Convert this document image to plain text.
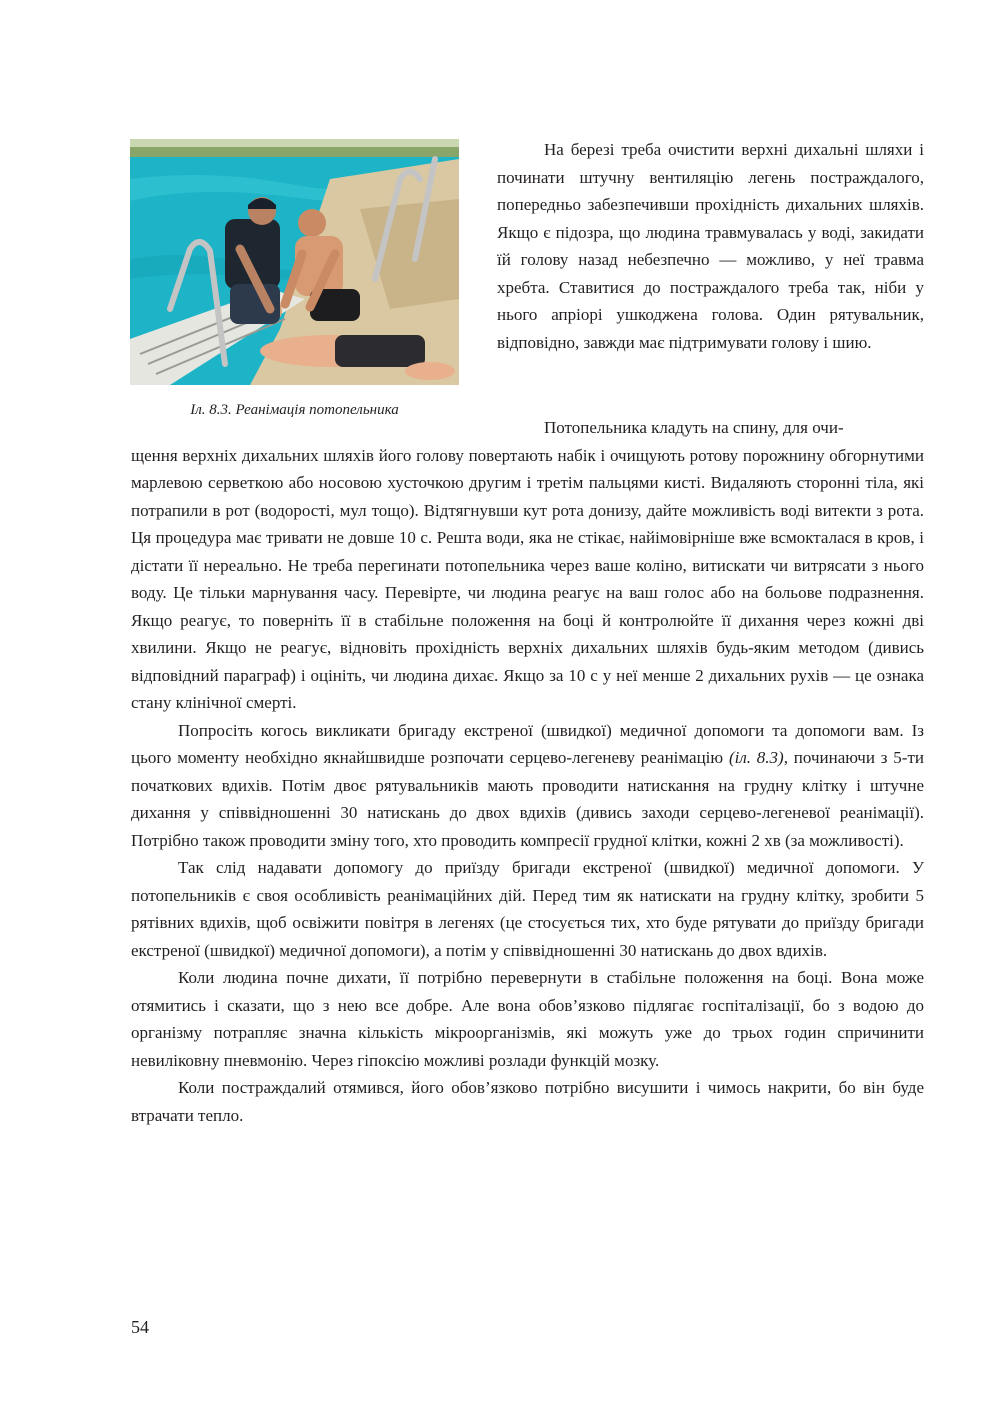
Іл. 8.3. Реанімація потопельника

На березі треба очистити верхні дихальні шляхи і починати штучну вентиляцію легень постраждалого, попередньо забезпечивши прохідність дихальних шляхів. Якщо є підозра, що людина травмувалась у воді, закидати їй голову назад небезпечно — можливо, у неї травма хребта. Ставитися до постраждалого треба так, ніби у нього апріорі ушкоджена голова. Один рятувальник, відповідно, завжди має підтримувати голову і шию.

Потопельника кладуть на спину, для очи-

щення верхніх дихальних шляхів його голову повертають набік і очищують ротову порожнину обгорнутими марлевою серветкою або носовою хусточкою другим і третім пальцями кисті. Видаляють сторонні тіла, які потрапили в рот (водорості, мул тощо). Відтягнувши кут рота донизу, дайте можливість воді витекти з рота. Ця процедура має тривати не довше 10 с. Решта води, яка не стікає, найімовірніше вже всмокталася в кров, і дістати її нереально. Не треба перегинати потопельника через ваше коліно, витискати чи витрясати з нього воду. Це тільки марнування часу. Перевірте, чи людина реагує на ваш голос або на больове подразнення. Якщо реагує, то поверніть її в стабільне положення на боці й контролюйте її дихання через кожні дві хвилини. Якщо не реагує, відновіть прохідність верхніх дихальних шляхів будь-яким методом (дивись відповідний параграф) і оцініть, чи людина дихає. Якщо за 10 с у неї менше 2 дихальних рухів — це ознака стану клінічної смерті.

Попросіть когось викликати бригаду екстреної (швидкої) медичної допомоги та допомоги вам. Із цього моменту необхідно якнайшвидше розпочати серцево-легеневу реанімацію (іл. 8.3), починаючи з 5-ти початкових вдихів. Потім двоє рятувальників мають проводити натискання на грудну клітку і штучне дихання у співвідношенні 30 натискань до двох вдихів (дивись заходи серцево-легеневої реанімації). Потрібно також проводити зміну того, хто проводить компресії грудної клітки, кожні 2 хв (за можливості).

Так слід надавати допомогу до приїзду бригади екстреної (швидкої) медичної допомоги. У потопельників є своя особливість реанімаційних дій. Перед тим як натискати на грудну клітку, зробити 5 рятівних вдихів, щоб освіжити повітря в легенях (це стосується тих, хто буде рятувати до приїзду бригади екстреної (швидкої) медичної допомоги), а потім у співвідношенні 30 натискань до двох вдихів.

Коли людина почне дихати, її потрібно перевернути в стабільне положення на боці. Вона може отямитись і сказати, що з нею все добре. Але вона обов’язково підлягає госпіталізації, бо з водою до організму потрапляє значна кількість мікроорганізмів, які можуть уже до трьох годин спричинити невиліковну пневмонію. Через гіпоксію можливі розлади функцій мозку.

Коли постраждалий отямився, його обов’язково потрібно висушити і чимось накрити, бо він буде втрачати тепло.

54
